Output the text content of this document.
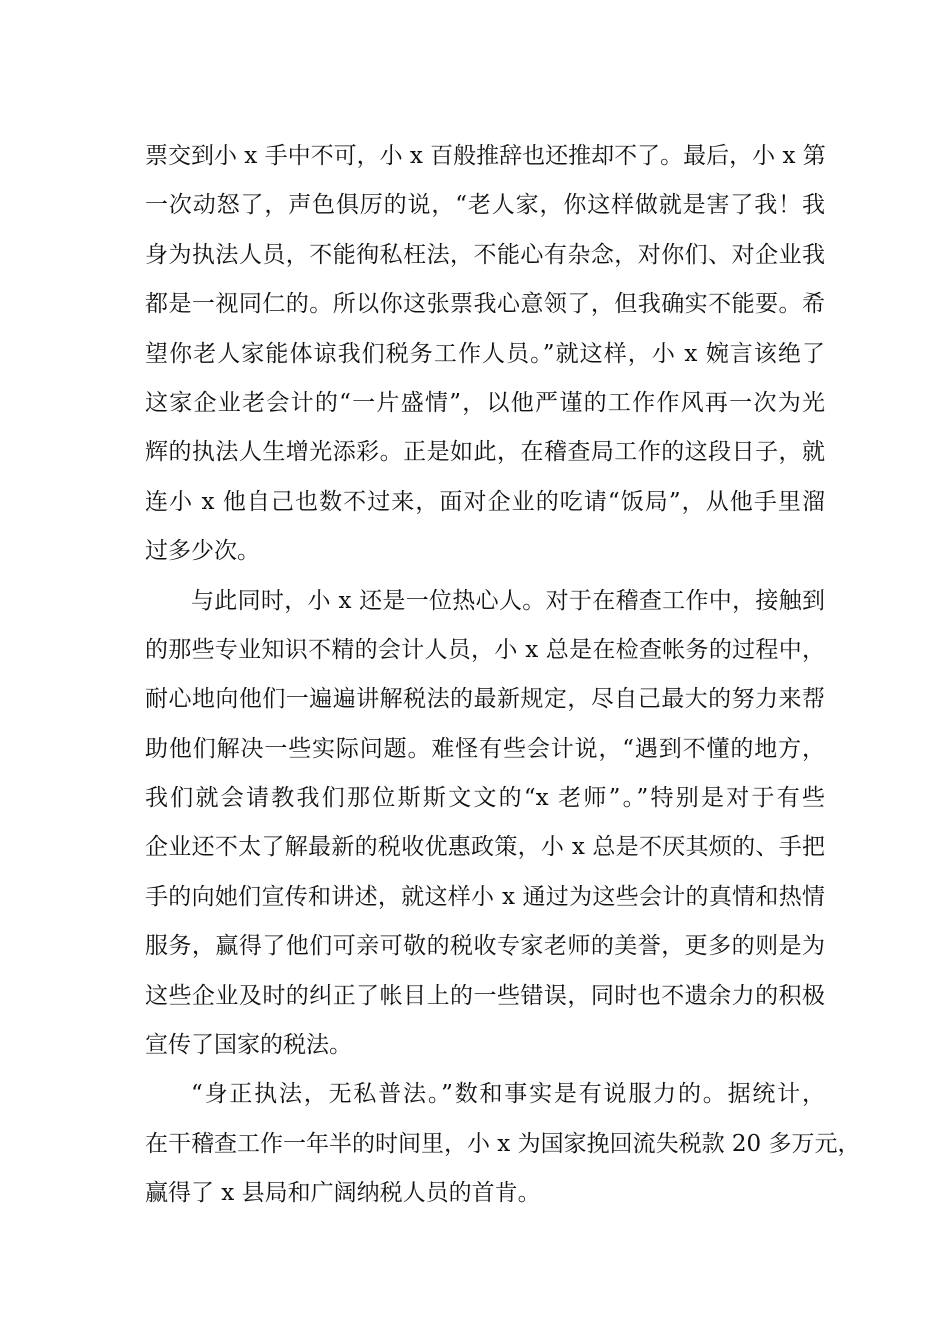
票交到小 x 手中不可，小 x 百般推辞也还推却不了。最后，小 x 第
一次动怒了，声色俱厉的说，“老人家，你这样做就是害了我！我
身为执法人员，不能徇私枉法，不能心有杂念，对你们、对企业我
都是一视同仁的。所以你这张票我心意领了，但我确实不能要。希
望你老人家能体谅我们税务工作人员。”就这样，小 x 婉言该绝了
这家企业老会计的“一片盛情”，以他严谨的工作作风再一次为光
辉的执法人生增光添彩。正是如此，在稽查局工作的这段日子，就
连小 x 他自己也数不过来，面对企业的吃请“饭局”，从他手里溜
过多少次。
与此同时，小 x 还是一位热心人。对于在稽查工作中，接触到
的那些专业知识不精的会计人员，小 x 总是在检查帐务的过程中，
耐心地向他们一遍遍讲解税法的最新规定，尽自己最大的努力来帮
助他们解决一些实际问题。难怪有些会计说，“遇到不懂的地方，
我们就会请教我们那位斯斯文文的“x 老师”。”特别是对于有些
企业还不太了解最新的税收优惠政策，小 x 总是不厌其烦的、手把
手的向她们宣传和讲述，就这样小 x 通过为这些会计的真情和热情
服务，赢得了他们可亲可敬的税收专家老师的美誉，更多的则是为
这些企业及时的纠正了帐目上的一些错误，同时也不遗余力的积极
宣传了国家的税法。
“身正执法，无私普法。”数和事实是有说服力的。据统计，
在干稽查工作一年半的时间里，小 x 为国家挽回流失税款 20 多万元，
赢得了 x 县局和广阔纳税人员的首肯。
